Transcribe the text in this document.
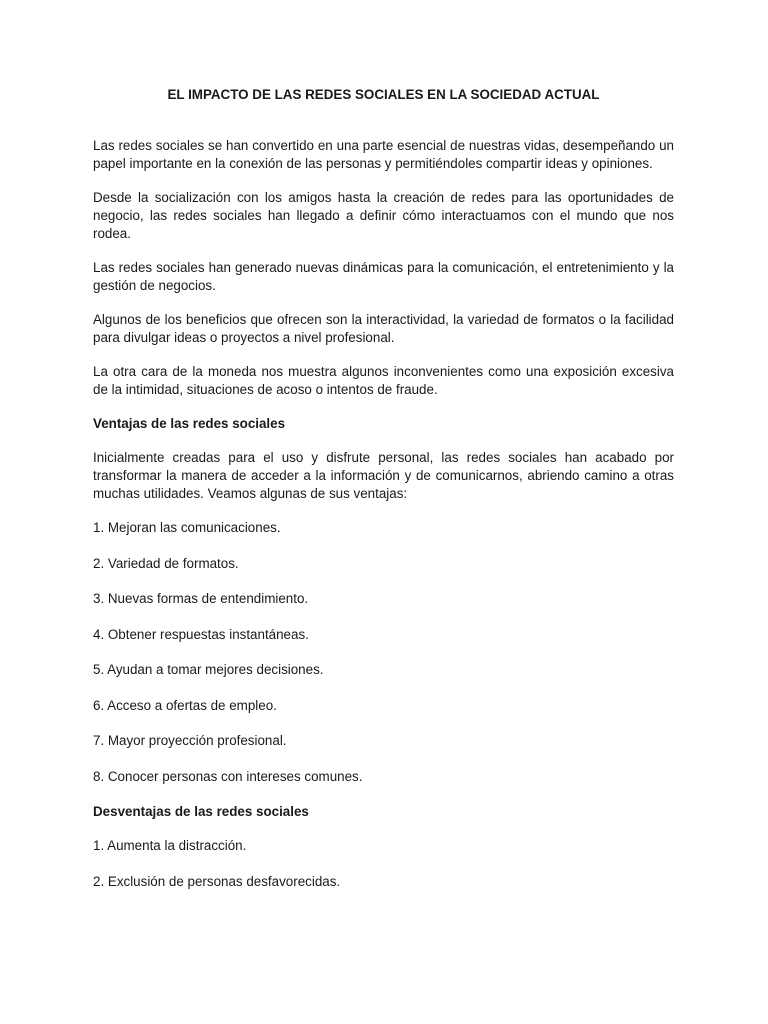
EL IMPACTO DE LAS REDES SOCIALES EN LA SOCIEDAD ACTUAL

Las redes sociales se han convertido en una parte esencial de nuestras vidas, desempeñando un papel importante en la conexión de las personas y permitiéndoles compartir ideas y opiniones.

Desde la socialización con los amigos hasta la creación de redes para las oportunidades de negocio, las redes sociales han llegado a definir cómo interactuamos con el mundo que nos rodea.

Las redes sociales han generado nuevas dinámicas para la comunicación, el entretenimiento y la gestión de negocios.

Algunos de los beneficios que ofrecen son la interactividad, la variedad de formatos o la facilidad para divulgar ideas o proyectos a nivel profesional.

La otra cara de la moneda nos muestra algunos inconvenientes como una exposición excesiva de la intimidad, situaciones de acoso o intentos de fraude.

Ventajas de las redes sociales

Inicialmente creadas para el uso y disfrute personal, las redes sociales han acabado por transformar la manera de acceder a la información y de comunicarnos, abriendo camino a otras muchas utilidades. Veamos algunas de sus ventajas:

1. Mejoran las comunicaciones.
2. Variedad de formatos.
3. Nuevas formas de entendimiento.
4. Obtener respuestas instantáneas.
5. Ayudan a tomar mejores decisiones.
6. Acceso a ofertas de empleo.
7. Mayor proyección profesional.
8. Conocer personas con intereses comunes.
Desventajas de las redes sociales
1. Aumenta la distracción.
2. Exclusión de personas desfavorecidas.
